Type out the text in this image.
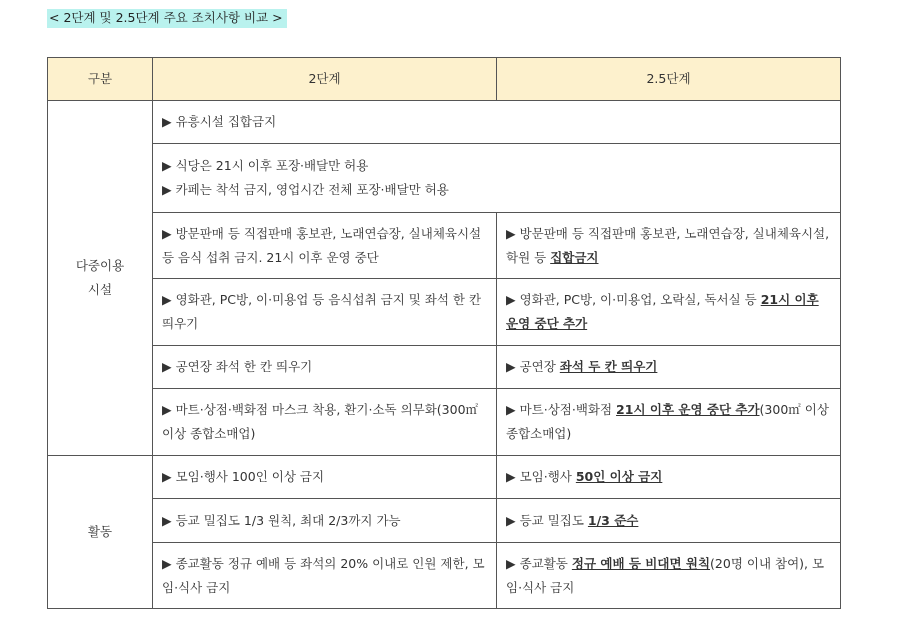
< 2단계 및 2.5단계 주요 조치사항 비교 >
구분	2단계	2.5단계

다중이용
시설	▶ 유흥시설 집합금지	

	▶ 식당은 21시 이후 포장·배달만 허용
▶ 카페는 착석 금지, 영업시간 전체 포장·배달만 허용	

	▶ 방문판매 등 직접판매 홍보관, 노래연습장, 실내체육시설 등 음식 섭취 금지. 21시 이후 운영 중단	▶ 방문판매 등 직접판매 홍보관, 노래연습장, 실내체육시설, 학원 등 집합금지
	▶ 영화관, PC방, 이·미용업 등 음식섭취 금지 및 좌석 한 칸 띄우기	▶ 영화관, PC방, 이·미용업, 오락실, 독서실 등 21시 이후 운영 중단 추가
	▶ 공연장 좌석 한 칸 띄우기	▶ 공연장 좌석 두 칸 띄우기
	▶ 마트·상점·백화점 마스크 착용, 환기·소독 의무화(300㎡ 이상 종합소매업)	▶ 마트·상점·백화점 21시 이후 운영 중단 추가(300㎡ 이상 종합소매업)

활동	▶ 모임·행사 100인 이상 금지	▶ 모임·행사 50인 이상 금지
	▶ 등교 밀집도 1/3 원칙, 최대 2/3까지 가능	▶ 등교 밀집도 1/3 준수
	▶ 종교활동 정규 예배 등 좌석의 20% 이내로 인원 제한, 모임·식사 금지	▶ 종교활동 정규 예배 등 비대면 원칙(20명 이내 참여), 모임·식사 금지
